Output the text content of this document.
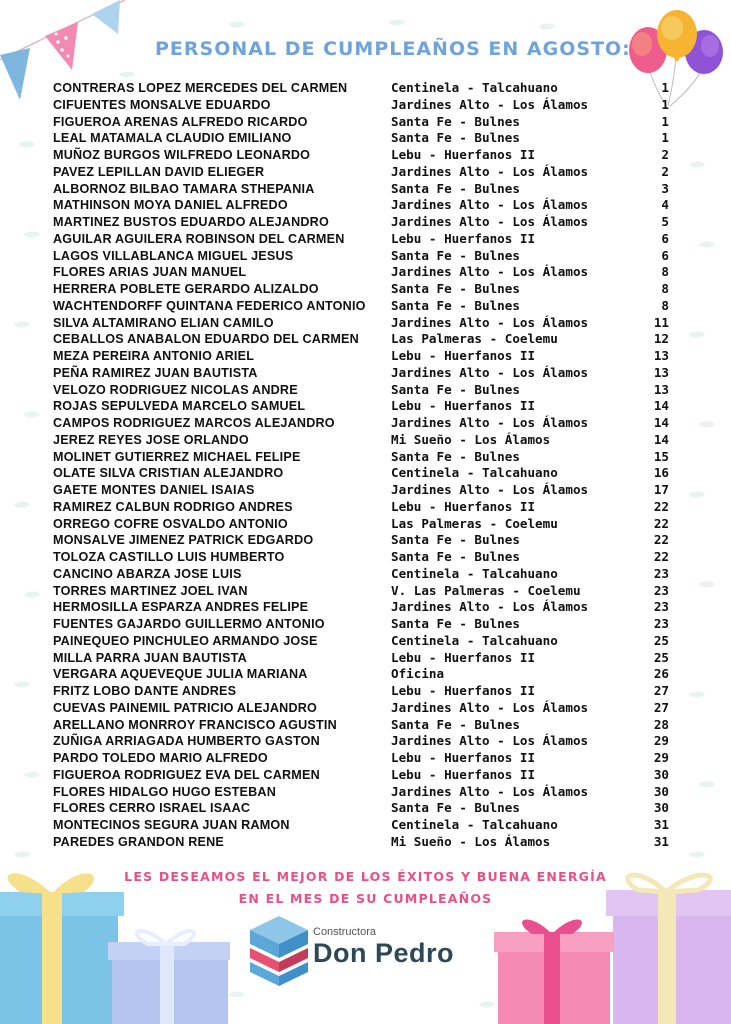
PERSONAL DE CUMPLEAÑOS EN AGOSTO:
CONTRERAS LOPEZ MERCEDES DEL CARMEN	Centinela - Talcahuano	1
CIFUENTES MONSALVE EDUARDO	Jardines Alto - Los Álamos	1
FIGUEROA ARENAS ALFREDO RICARDO	Santa Fe - Bulnes	1
LEAL MATAMALA CLAUDIO EMILIANO	Santa Fe - Bulnes	1
MUÑOZ BURGOS WILFREDO LEONARDO	Lebu - Huerfanos II	2
PAVEZ LEPILLAN DAVID ELIEGER	Jardines Alto - Los Álamos	2
ALBORNOZ BILBAO TAMARA STHEPANIA	Santa Fe - Bulnes	3
MATHINSON MOYA DANIEL ALFREDO	Jardines Alto - Los Álamos	4
MARTINEZ BUSTOS EDUARDO ALEJANDRO	Jardines Alto - Los Álamos	5
AGUILAR AGUILERA ROBINSON DEL CARMEN	Lebu - Huerfanos II	6
LAGOS VILLABLANCA MIGUEL JESUS	Santa Fe - Bulnes	6
FLORES ARIAS JUAN MANUEL	Jardines Alto - Los Álamos	8
HERRERA POBLETE GERARDO ALIZALDO	Santa Fe - Bulnes	8
WACHTENDORFF QUINTANA FEDERICO ANTONIO	Santa Fe - Bulnes	8
SILVA ALTAMIRANO ELIAN CAMILO	Jardines Alto - Los Álamos	11
CEBALLOS ANABALON EDUARDO DEL CARMEN	Las Palmeras - Coelemu	12
MEZA PEREIRA ANTONIO ARIEL	Lebu - Huerfanos II	13
PEÑA RAMIREZ JUAN BAUTISTA	Jardines Alto - Los Álamos	13
VELOZO RODRIGUEZ NICOLAS ANDRE	Santa Fe - Bulnes	13
ROJAS SEPULVEDA MARCELO SAMUEL	Lebu - Huerfanos II	14
CAMPOS RODRIGUEZ MARCOS ALEJANDRO	Jardines Alto - Los Álamos	14
JEREZ REYES JOSE ORLANDO	Mi Sueño - Los Álamos	14
MOLINET GUTIERREZ MICHAEL FELIPE	Santa Fe - Bulnes	15
OLATE SILVA CRISTIAN ALEJANDRO	Centinela - Talcahuano	16
GAETE MONTES DANIEL ISAIAS	Jardines Alto - Los Álamos	17
RAMIREZ CALBUN RODRIGO ANDRES	Lebu - Huerfanos II	22
ORREGO COFRE OSVALDO ANTONIO	Las Palmeras - Coelemu	22
MONSALVE JIMENEZ PATRICK EDGARDO	Santa Fe - Bulnes	22
TOLOZA CASTILLO LUIS HUMBERTO	Santa Fe - Bulnes	22
CANCINO ABARZA JOSE LUIS	Centinela - Talcahuano	23
TORRES MARTINEZ JOEL IVAN	V. Las Palmeras - Coelemu	23
HERMOSILLA ESPARZA ANDRES FELIPE	Jardines Alto - Los Álamos	23
FUENTES GAJARDO GUILLERMO ANTONIO	Santa Fe - Bulnes	23
PAINEQUEO PINCHULEO ARMANDO JOSE	Centinela - Talcahuano	25
MILLA PARRA JUAN BAUTISTA	Lebu - Huerfanos II	25
VERGARA AQUEVEQUE JULIA MARIANA	Oficina	26
FRITZ LOBO DANTE ANDRES	Lebu - Huerfanos II	27
CUEVAS PAINEMIL PATRICIO ALEJANDRO	Jardines Alto - Los Álamos	27
ARELLANO MONRROY FRANCISCO AGUSTIN	Santa Fe - Bulnes	28
ZUÑIGA ARRIAGADA HUMBERTO GASTON	Jardines Alto - Los Álamos	29
PARDO TOLEDO MARIO ALFREDO	Lebu - Huerfanos II	29
FIGUEROA RODRIGUEZ EVA DEL CARMEN	Lebu - Huerfanos II	30
FLORES HIDALGO HUGO ESTEBAN	Jardines Alto - Los Álamos	30
FLORES CERRO ISRAEL ISAAC	Santa Fe - Bulnes	30
MONTECINOS SEGURA JUAN RAMON	Centinela - Talcahuano	31
PAREDES GRANDON RENE	Mi Sueño - Los Álamos	31
LES DESEAMOS EL MEJOR DE LOS ÉXITOS Y BUENA ENERGÍA
EN EL MES DE SU CUMPLEAÑOS
Constructora
Don Pedro
